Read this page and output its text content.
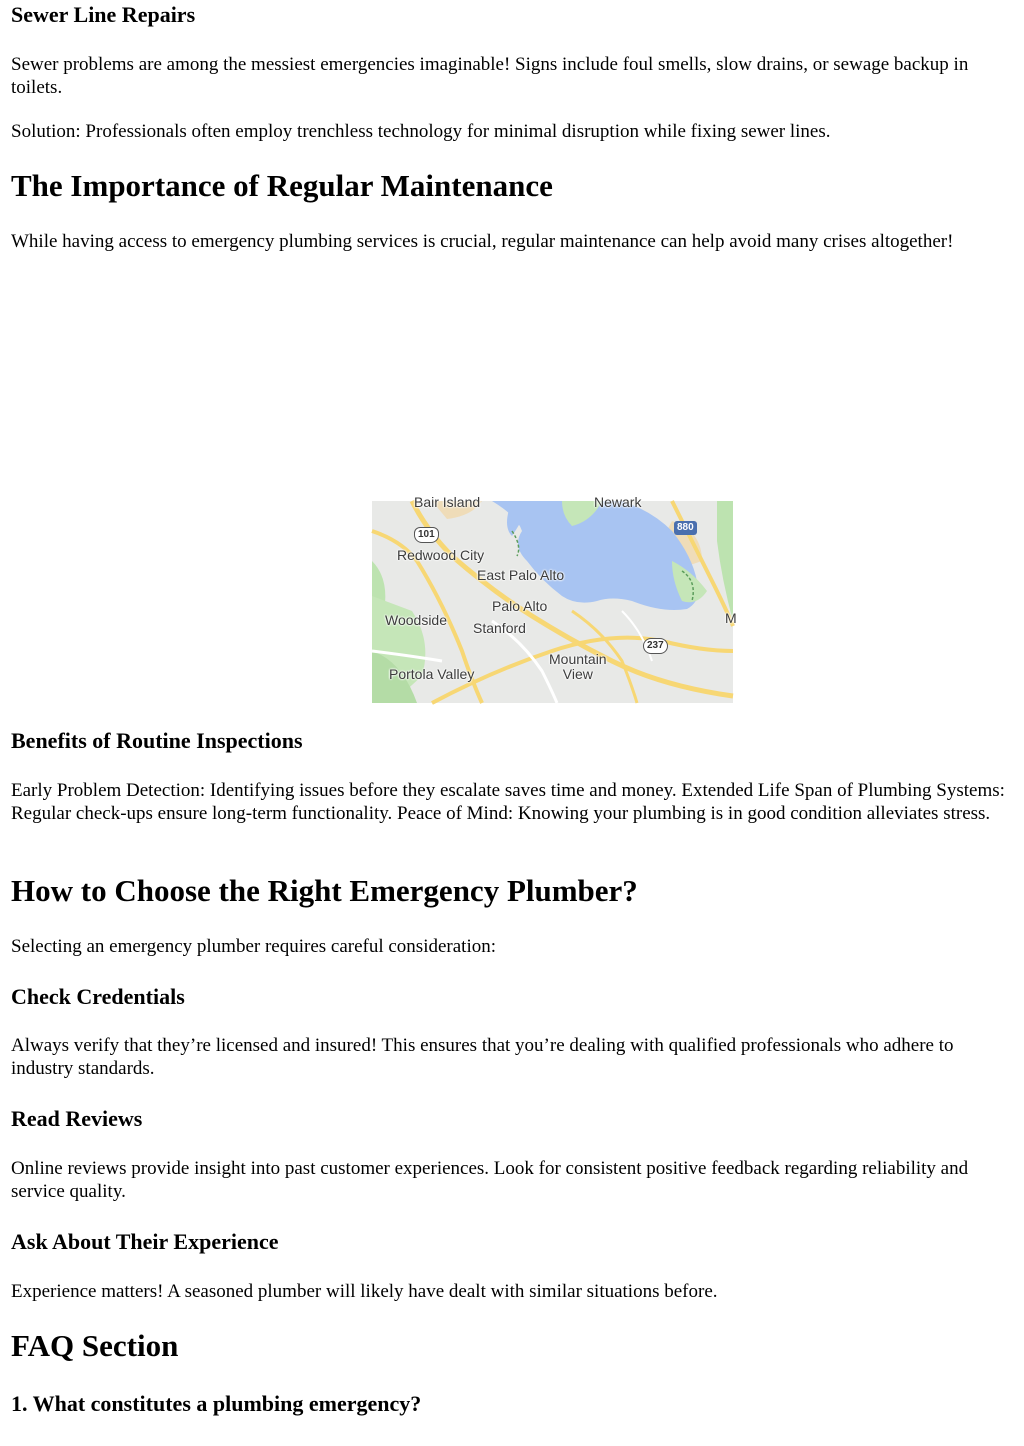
Sewer Line Repairs

Sewer problems are among the messiest emergencies imaginable! Signs include foul smells, slow drains, or sewage backup in toilets.

Solution: Professionals often employ trenchless technology for minimal disruption while fixing sewer lines.

The Importance of Regular Maintenance

While having access to emergency plumbing services is crucial, regular maintenance can help avoid many crises altogether!

Bair Island	Newark
Redwood City
East Palo Alto
Palo Alto
Woodside Stanford
Mountain
View
Portola Valley
M
101
880
237
Benefits of Routine Inspections

Early Problem Detection: Identifying issues before they escalate saves time and money. Extended Life Span of Plumbing Systems: Regular check-ups ensure long-term functionality. Peace of Mind: Knowing your plumbing is in good condition alleviates stress.

How to Choose the Right Emergency Plumber?

Selecting an emergency plumber requires careful consideration:

Check Credentials

Always verify that they’re licensed and insured! This ensures that you’re dealing with qualified professionals who adhere to industry standards.

Read Reviews

Online reviews provide insight into past customer experiences. Look for consistent positive feedback regarding reliability and service quality.

Ask About Their Experience

Experience matters! A seasoned plumber will likely have dealt with similar situations before.

FAQ Section
1. What constitutes a plumbing emergency?
